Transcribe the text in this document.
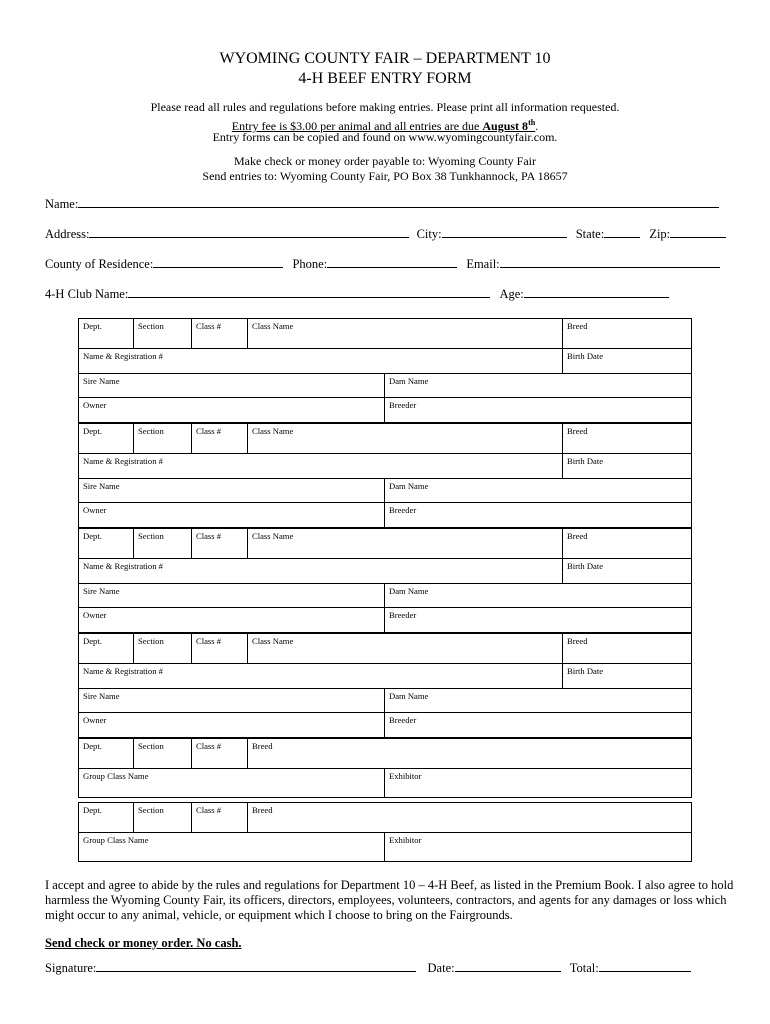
WYOMING COUNTY FAIR – DEPARTMENT 10
4-H BEEF ENTRY FORM
Please read all rules and regulations before making entries. Please print all information requested.
Entry fee is $3.00 per animal and all entries are due August 8th.
Entry forms can be copied and found on www.wyomingcountyfair.com.
Make check or money order payable to: Wyoming County Fair
Send entries to: Wyoming County Fair, PO Box 38 Tunkhannock, PA 18657
Name:
Address:	City:	State:	Zip:
County of Residence:	Phone:	Email:
4-H Club Name:	Age:
Dept.	Section	Class #	Class Name	Breed
Name & Registration #	Birth Date
Sire Name	Dam Name
Owner	Breeder
Dept.	Section	Class #	Class Name	Breed
Name & Registration #	Birth Date
Sire Name	Dam Name
Owner	Breeder
Dept.	Section	Class #	Class Name	Breed
Name & Registration #	Birth Date
Sire Name	Dam Name
Owner	Breeder
Dept.	Section	Class #	Class Name	Breed
Name & Registration #	Birth Date
Sire Name	Dam Name
Owner	Breeder
Dept.	Section	Class #	Breed
Group Class Name	Exhibitor
Dept.	Section	Class #	Breed
Group Class Name	Exhibitor
I accept and agree to abide by the rules and regulations for Department 10 – 4-H Beef, as listed in the Premium Book. I also agree to hold harmless the Wyoming County Fair, its officers, directors, employees, volunteers, contractors, and agents for any damages or loss which might occur to any animal, vehicle, or equipment which I choose to bring on the Fairgrounds.
Send check or money order. No cash.
Signature:	Date:	Total:
